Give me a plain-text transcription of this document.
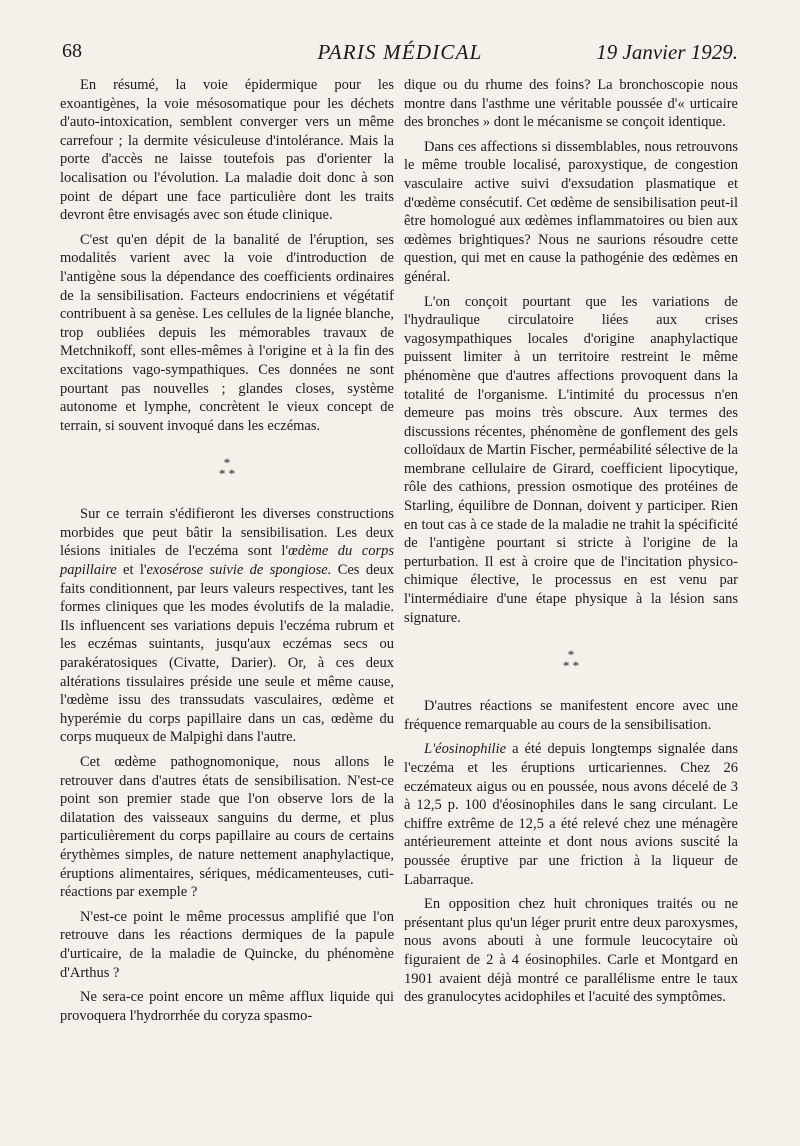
68	PARIS MÉDICAL	19 Janvier 1929.

En résumé, la voie épidermique pour les exoantigènes, la voie mésosomatique pour les déchets d'auto-intoxication, semblent converger vers un même carrefour ; la dermite vésiculeuse d'intolérance. Mais la porte d'accès ne laisse toutefois pas d'orienter la localisation ou l'évolution. La maladie doit donc à son point de départ une face particulière dont les traits devront être envisagés avec son étude clinique.

C'est qu'en dépit de la banalité de l'éruption, ses modalités varient avec la voie d'introduction de l'antigène sous la dépendance des coefficients ordinaires de la sensibilisation. Facteurs endocriniens et végétatif contribuent à sa genèse. Les cellules de la lignée blanche, trop oubliées depuis les mémorables travaux de Metchnikoff, sont elles-mêmes à l'origine et à la fin des excitations vago-sympathiques. Ces données ne sont pourtant pas nouvelles ; glandes closes, système autonome et lymphe, concrètent le vieux concept de terrain, si souvent invoqué dans les eczémas.

*
* *

Sur ce terrain s'édifieront les diverses constructions morbides que peut bâtir la sensibilisation. Les deux lésions initiales de l'eczéma sont l'œdème du corps papillaire et l'exosérose suivie de spongiose. Ces deux faits conditionnent, par leurs valeurs respectives, tant les formes cliniques que les modes évolutifs de la maladie. Ils influencent ses variations depuis l'eczéma rubrum et les eczémas suintants, jusqu'aux eczémas secs ou parakératosiques (Civatte, Darier). Or, à ces deux altérations tissulaires préside une seule et même cause, l'œdème issu des transsudats vasculaires, œdème et hyperémie du corps papillaire dans un cas, œdème du corps muqueux de Malpighi dans l'autre.

Cet œdème pathognomonique, nous allons le retrouver dans d'autres états de sensibilisation. N'est-ce point son premier stade que l'on observe lors de la dilatation des vaisseaux sanguins du derme, et plus particulièrement du corps papillaire au cours de certains érythèmes simples, de nature nettement anaphylactique, éruptions alimentaires, sériques, médicamenteuses, cuti-réactions par exemple ?

N'est-ce point le même processus amplifié que l'on retrouve dans les réactions dermiques de la papule d'urticaire, de la maladie de Quincke, du phénomène d'Arthus ?

Ne sera-ce point encore un même afflux liquide qui provoquera l'hydrorrhée du coryza spasmo-

dique ou du rhume des foins? La bronchoscopie nous montre dans l'asthme une véritable poussée d'« urticaire des bronches » dont le mécanisme se conçoit identique.

Dans ces affections si dissemblables, nous retrouvons le même trouble localisé, paroxystique, de congestion vasculaire active suivi d'exsudation plasmatique et d'œdème consécutif. Cet œdème de sensibilisation peut-il être homologué aux œdèmes inflammatoires ou bien aux œdèmes brightiques? Nous ne saurions résoudre cette question, qui met en cause la pathogénie des œdèmes en général.

L'on conçoit pourtant que les variations de l'hydraulique circulatoire liées aux crises vagosympathiques locales d'origine anaphylactique puissent limiter à un territoire restreint le même phénomène que d'autres affections provoquent dans la totalité de l'organisme. L'intimité du processus n'en demeure pas moins très obscure. Aux termes des discussions récentes, phénomène de gonflement des gels colloïdaux de Martin Fischer, perméabilité sélective de la membrane cellulaire de Girard, coefficient lipocytique, rôle des cathions, pression osmotique des protéines de Starling, équilibre de Donnan, doivent y participer. Rien en tout cas à ce stade de la maladie ne trahit la spécificité de l'antigène pourtant si stricte à l'origine de la perturbation. Il est à croire que de l'incitation physico-chimique élective, le processus en est venu par l'intermédiaire d'une étape physique à la lésion sans signature.

*
* *

D'autres réactions se manifestent encore avec une fréquence remarquable au cours de la sensibilisation.

L'éosinophilie a été depuis longtemps signalée dans l'eczéma et les éruptions urticariennes. Chez 26 eczémateux aigus ou en poussée, nous avons décelé de 3 à 12,5 p. 100 d'éosinophiles dans le sang circulant. Le chiffre extrême de 12,5 a été relevé chez une ménagère antérieurement atteinte et dont nous avions suscité la poussée éruptive par une friction à la liqueur de Labarraque.

En opposition chez huit chroniques traités ou ne présentant plus qu'un léger prurit entre deux paroxysmes, nous avons abouti à une formule leucocytaire où figuraient de 2 à 4 éosinophiles. Carle et Montgard en 1901 avaient déjà montré ce parallélisme entre le taux des granulocytes acidophiles et l'acuité des symptômes.
